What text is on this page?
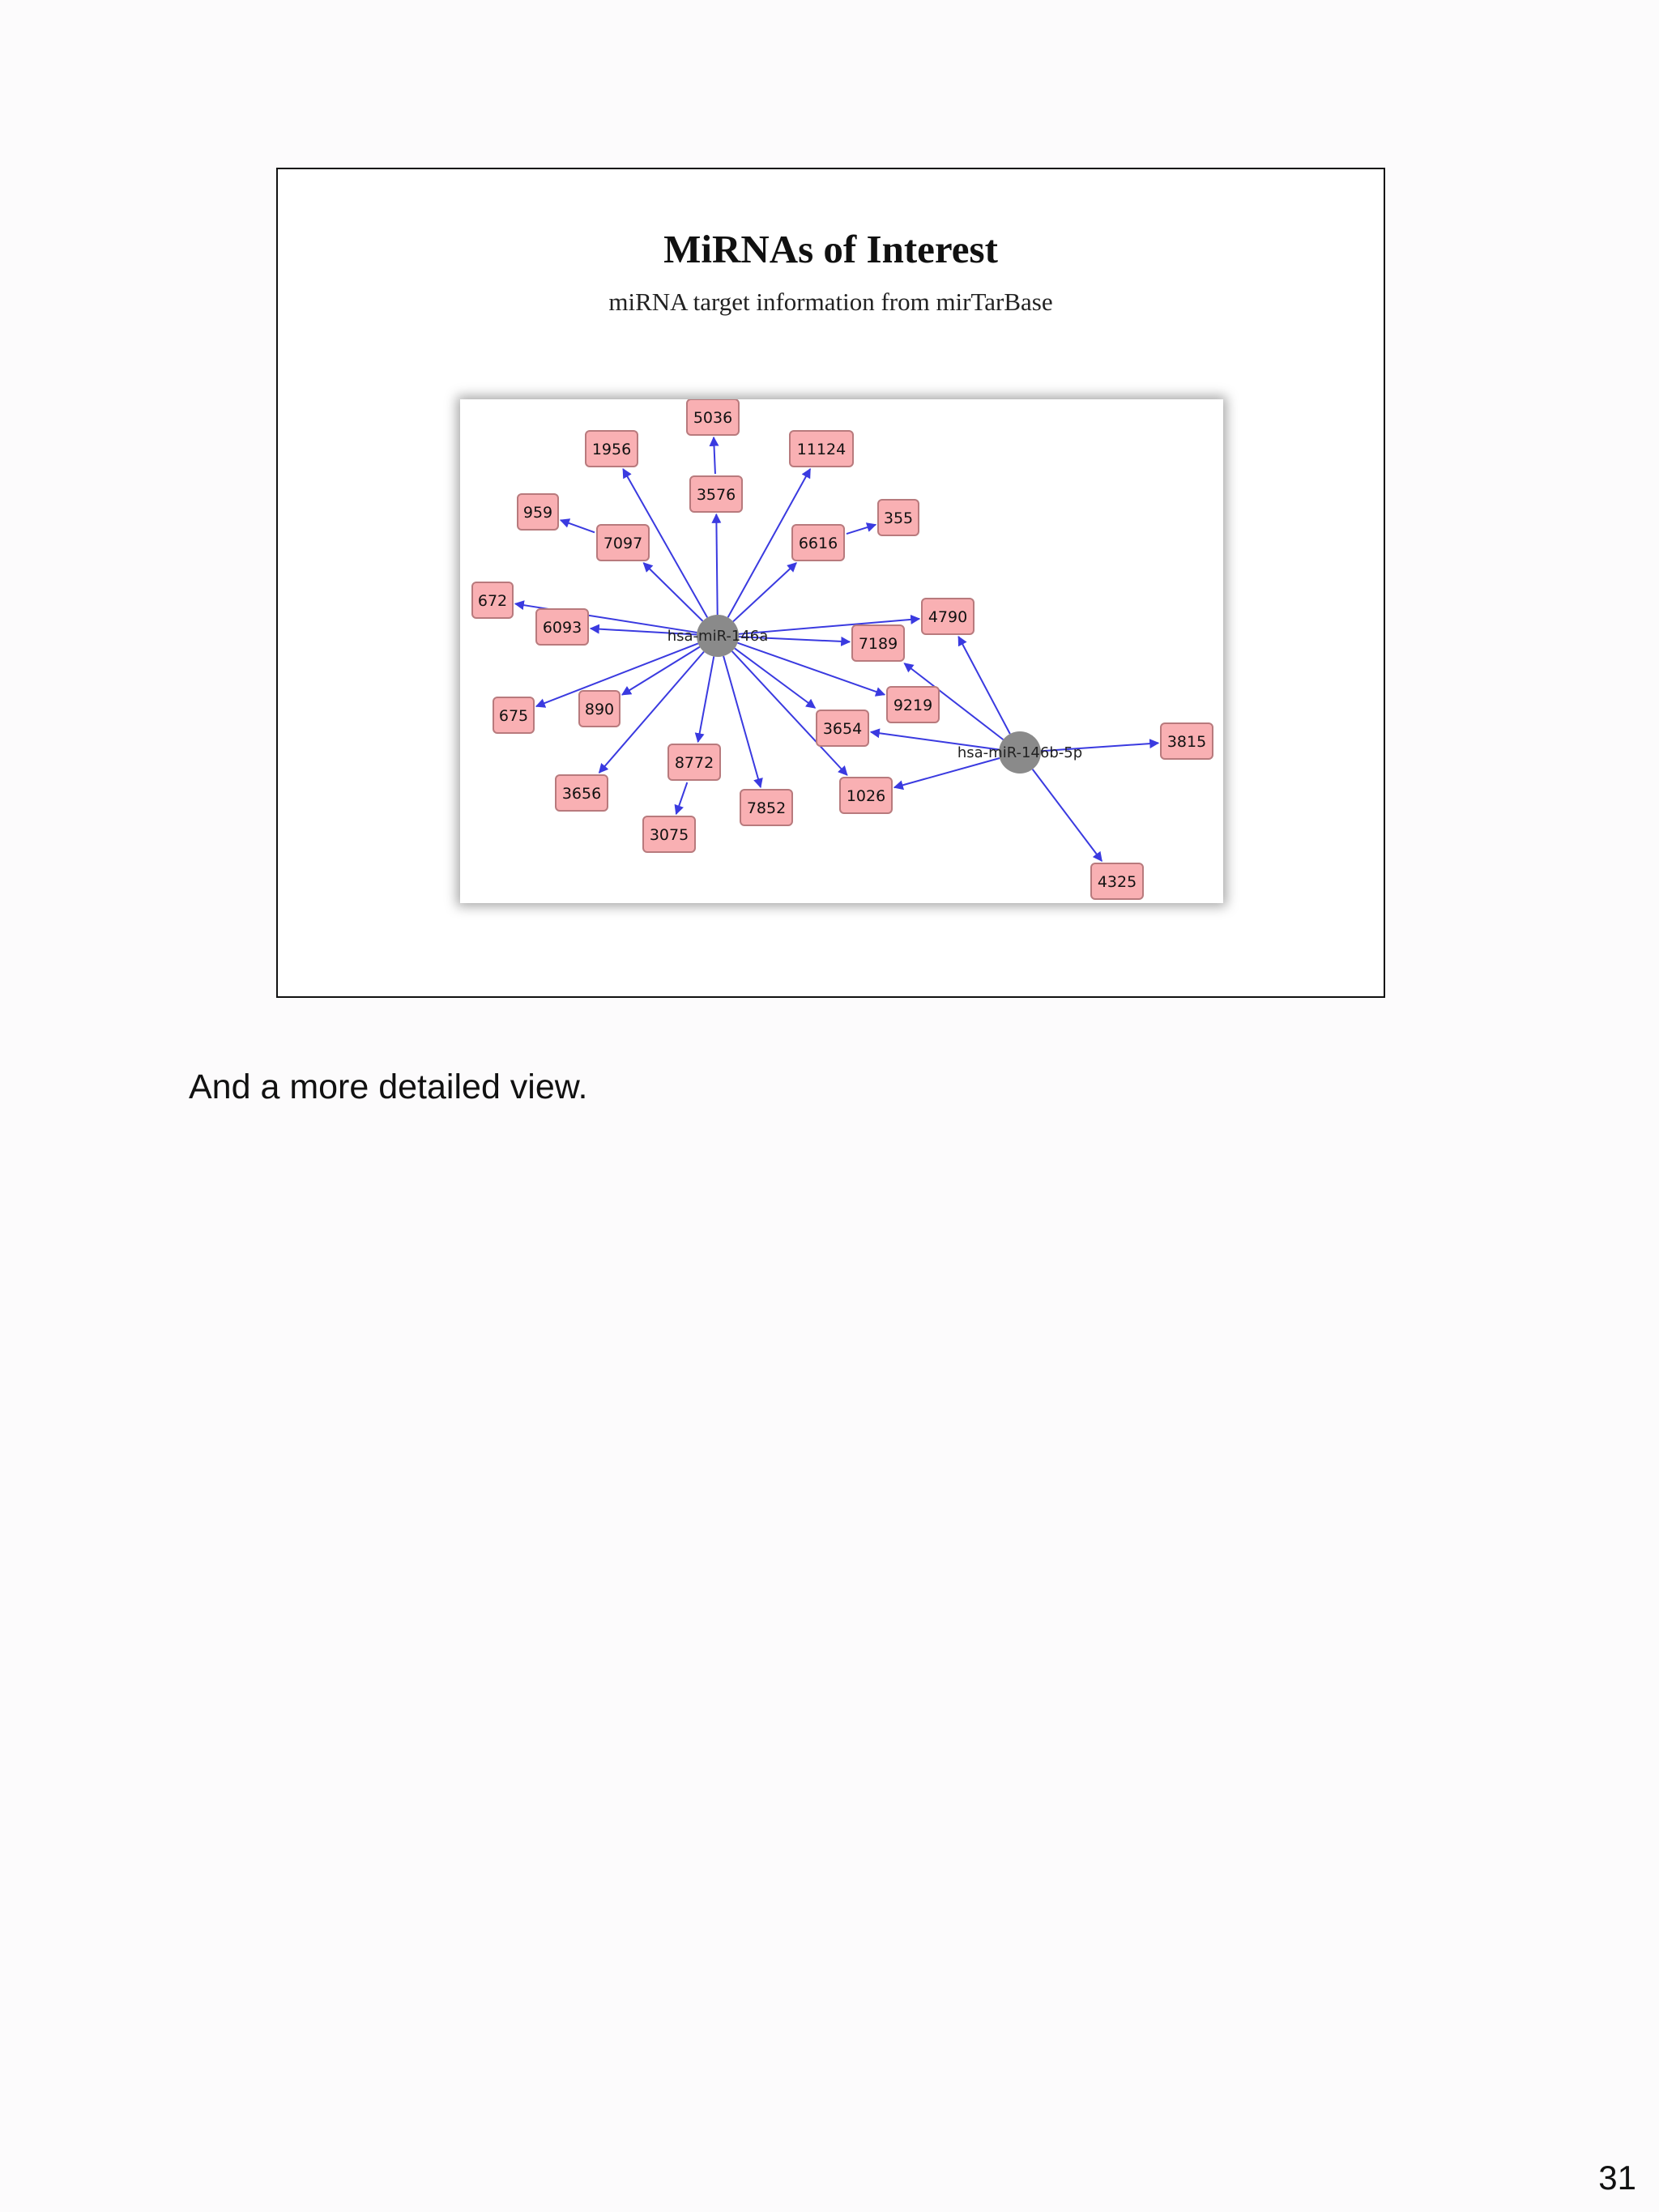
MiRNAs of Interest
miRNA target information from mirTarBase
5036
1956	11124
3576
959	355
7097	6616
672
4790
6093
7189
9219
675	890
3654
3815
8772
3656	1026
7852
3075
4325
hsa-miR-146a
hsa-miR-146b-5p
And a more detailed view.
31
